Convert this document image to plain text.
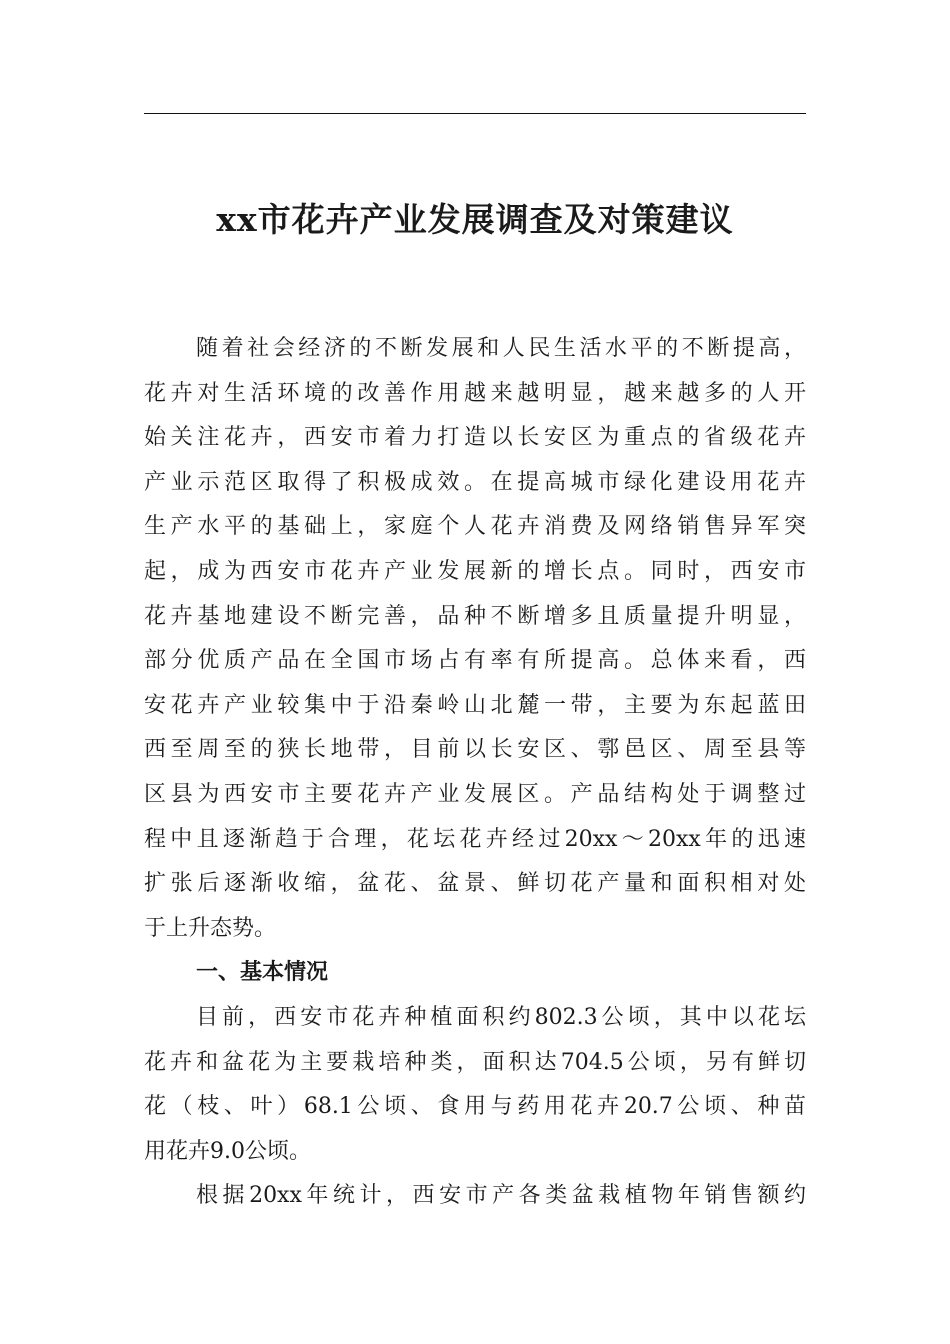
xx市花卉产业发展调查及对策建议
随着社会经济的不断发展和人民生活水平的不断提高，
花卉对生活环境的改善作用越来越明显，越来越多的人开
始关注花卉，西安市着力打造以长安区为重点的省级花卉
产业示范区取得了积极成效。在提高城市绿化建设用花卉
生产水平的基础上，家庭个人花卉消费及网络销售异军突
起，成为西安市花卉产业发展新的增长点。同时，西安市
花卉基地建设不断完善，品种不断增多且质量提升明显，
部分优质产品在全国市场占有率有所提高。总体来看，西
安花卉产业较集中于沿秦岭山北麓一带，主要为东起蓝田
西至周至的狭长地带，目前以长安区、鄠邑区、周至县等
区县为西安市主要花卉产业发展区。产品结构处于调整过
程中且逐渐趋于合理，花坛花卉经过20xx～20xx年的迅速
扩张后逐渐收缩，盆花、盆景、鲜切花产量和面积相对处
于上升态势。
一、基本情况
目前，西安市花卉种植面积约802.3公顷，其中以花坛
花卉和盆花为主要栽培种类，面积达704.5公顷，另有鲜切
花（枝、叶）68.1公顷、食用与药用花卉20.7公顷、种苗
用花卉9.0公顷。
根据20xx年统计，西安市产各类盆栽植物年销售额约
